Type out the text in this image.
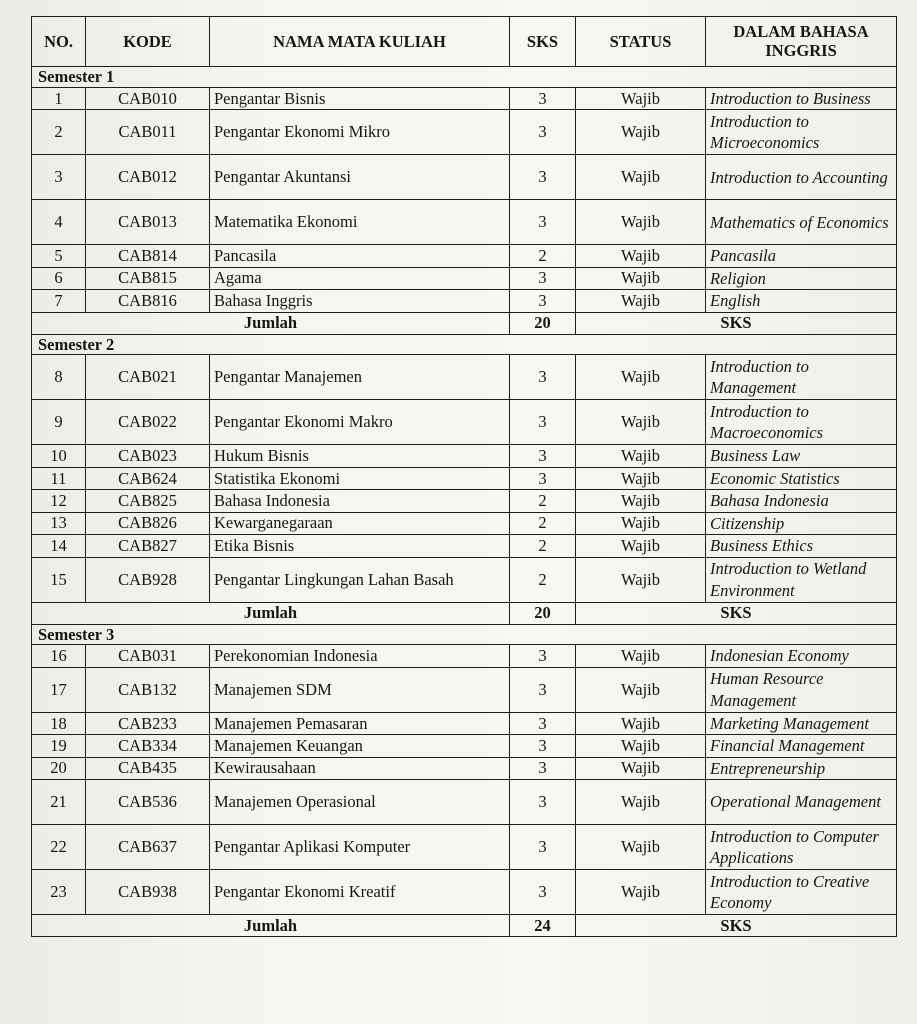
NO.	KODE	NAMA MATA KULIAH	SKS	STATUS	DALAM BAHASA
INGGRIS
Semester 1					
1	CAB010	Pengantar Bisnis	3	Wajib	Introduction to Business
2	CAB011	Pengantar Ekonomi Mikro	3	Wajib	Introduction to Microeconomics
3	CAB012	Pengantar Akuntansi	3	Wajib	Introduction to Accounting
4	CAB013	Matematika Ekonomi	3	Wajib	Mathematics of Economics
5	CAB814	Pancasila	2	Wajib	Pancasila
6	CAB815	Agama	3	Wajib	Religion
7	CAB816	Bahasa Inggris	3	Wajib	English
Jumlah			20	SKS	
Semester 2					
8	CAB021	Pengantar Manajemen	3	Wajib	Introduction to Management
9	CAB022	Pengantar Ekonomi Makro	3	Wajib	Introduction to Macroeconomics
10	CAB023	Hukum Bisnis	3	Wajib	Business Law
11	CAB624	Statistika Ekonomi	3	Wajib	Economic Statistics
12	CAB825	Bahasa Indonesia	2	Wajib	Bahasa Indonesia
13	CAB826	Kewarganegaraan	2	Wajib	Citizenship
14	CAB827	Etika Bisnis	2	Wajib	Business Ethics
15	CAB928	Pengantar Lingkungan Lahan Basah	2	Wajib	Introduction to Wetland Environment
Jumlah			20	SKS	
Semester 3					
16	CAB031	Perekonomian Indonesia	3	Wajib	Indonesian Economy
17	CAB132	Manajemen SDM	3	Wajib	Human Resource Management
18	CAB233	Manajemen Pemasaran	3	Wajib	Marketing Management
19	CAB334	Manajemen Keuangan	3	Wajib	Financial Management
20	CAB435	Kewirausahaan	3	Wajib	Entrepreneurship
21	CAB536	Manajemen Operasional	3	Wajib	Operational Management
22	CAB637	Pengantar Aplikasi Komputer	3	Wajib	Introduction to Computer Applications
23	CAB938	Pengantar Ekonomi Kreatif	3	Wajib	Introduction to Creative Economy
Jumlah			24	SKS	
